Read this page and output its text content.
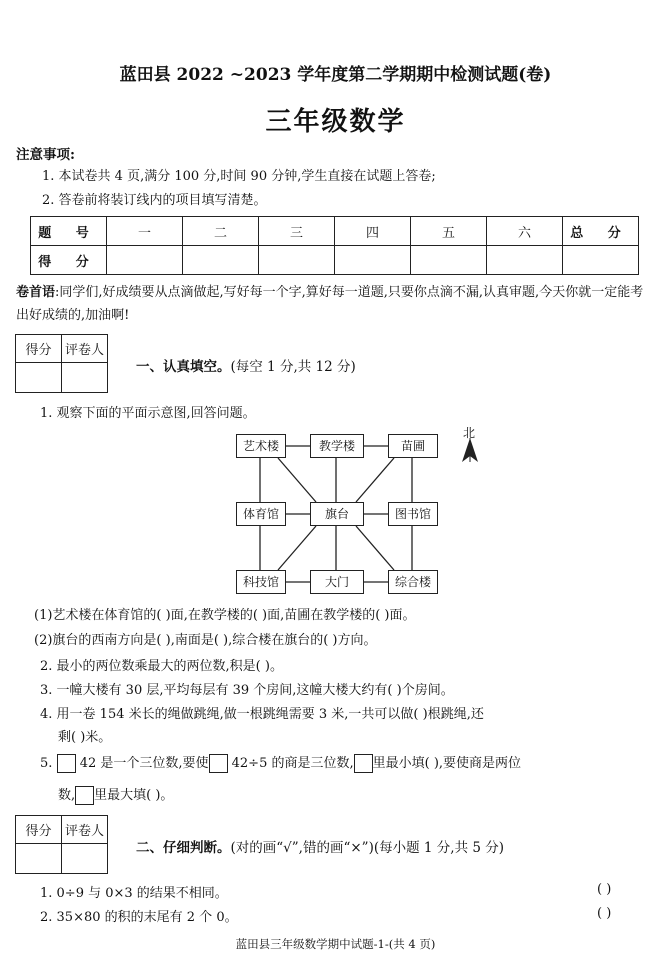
蓝田县 2022 ~2023 学年度第二学期期中检测试题(卷)
三年级数学
注意事项:
1. 本试卷共 4 页,满分 100 分,时间 90 分钟,学生直接在试题上答卷;
2. 答卷前将装订线内的项目填写清楚。
题 号	一	二	三	四	五	六	总 分
得 分							
卷首语:同学们,好成绩要从点滴做起,写好每一个字,算好每一道题,只要你点滴不漏,认真审题,今天你就一定能考出好成绩的,加油啊!
得分	评卷人

一、认真填空。(每空 1 分,共 12 分)
1. 观察下面的平面示意图,回答问题。
北
艺术楼	教学楼	苗圃
体育馆	旗台	图书馆
科技馆	大门	综合楼
(1)艺术楼在体育馆的( )面,在教学楼的( )面,苗圃在教学楼的( )面。
(2)旗台的西南方向是( ),南面是( ),综合楼在旗台的( )方向。
2. 最小的两位数乘最大的两位数,积是( )。
3. 一幢大楼有 30 层,平均每层有 39 个房间,这幢大楼大约有( )个房间。
4. 用一卷 154 米长的绳做跳绳,做一根跳绳需要 3 米,一共可以做( )根跳绳,还
剩( )米。
5. 42 是一个三位数,要使 42÷5 的商是三位数, 里最小填( ),要使商是两位
数, 里最大填( )。
得分	评卷人

二、仔细判断。(对的画“√”,错的画“×”)(每小题 1 分,共 5 分)
1. 0÷9 与 0×3 的结果不相同。	( )
2. 35×80 的积的末尾有 2 个 0。	( )
蓝田县三年级数学期中试题-1-(共 4 页)
